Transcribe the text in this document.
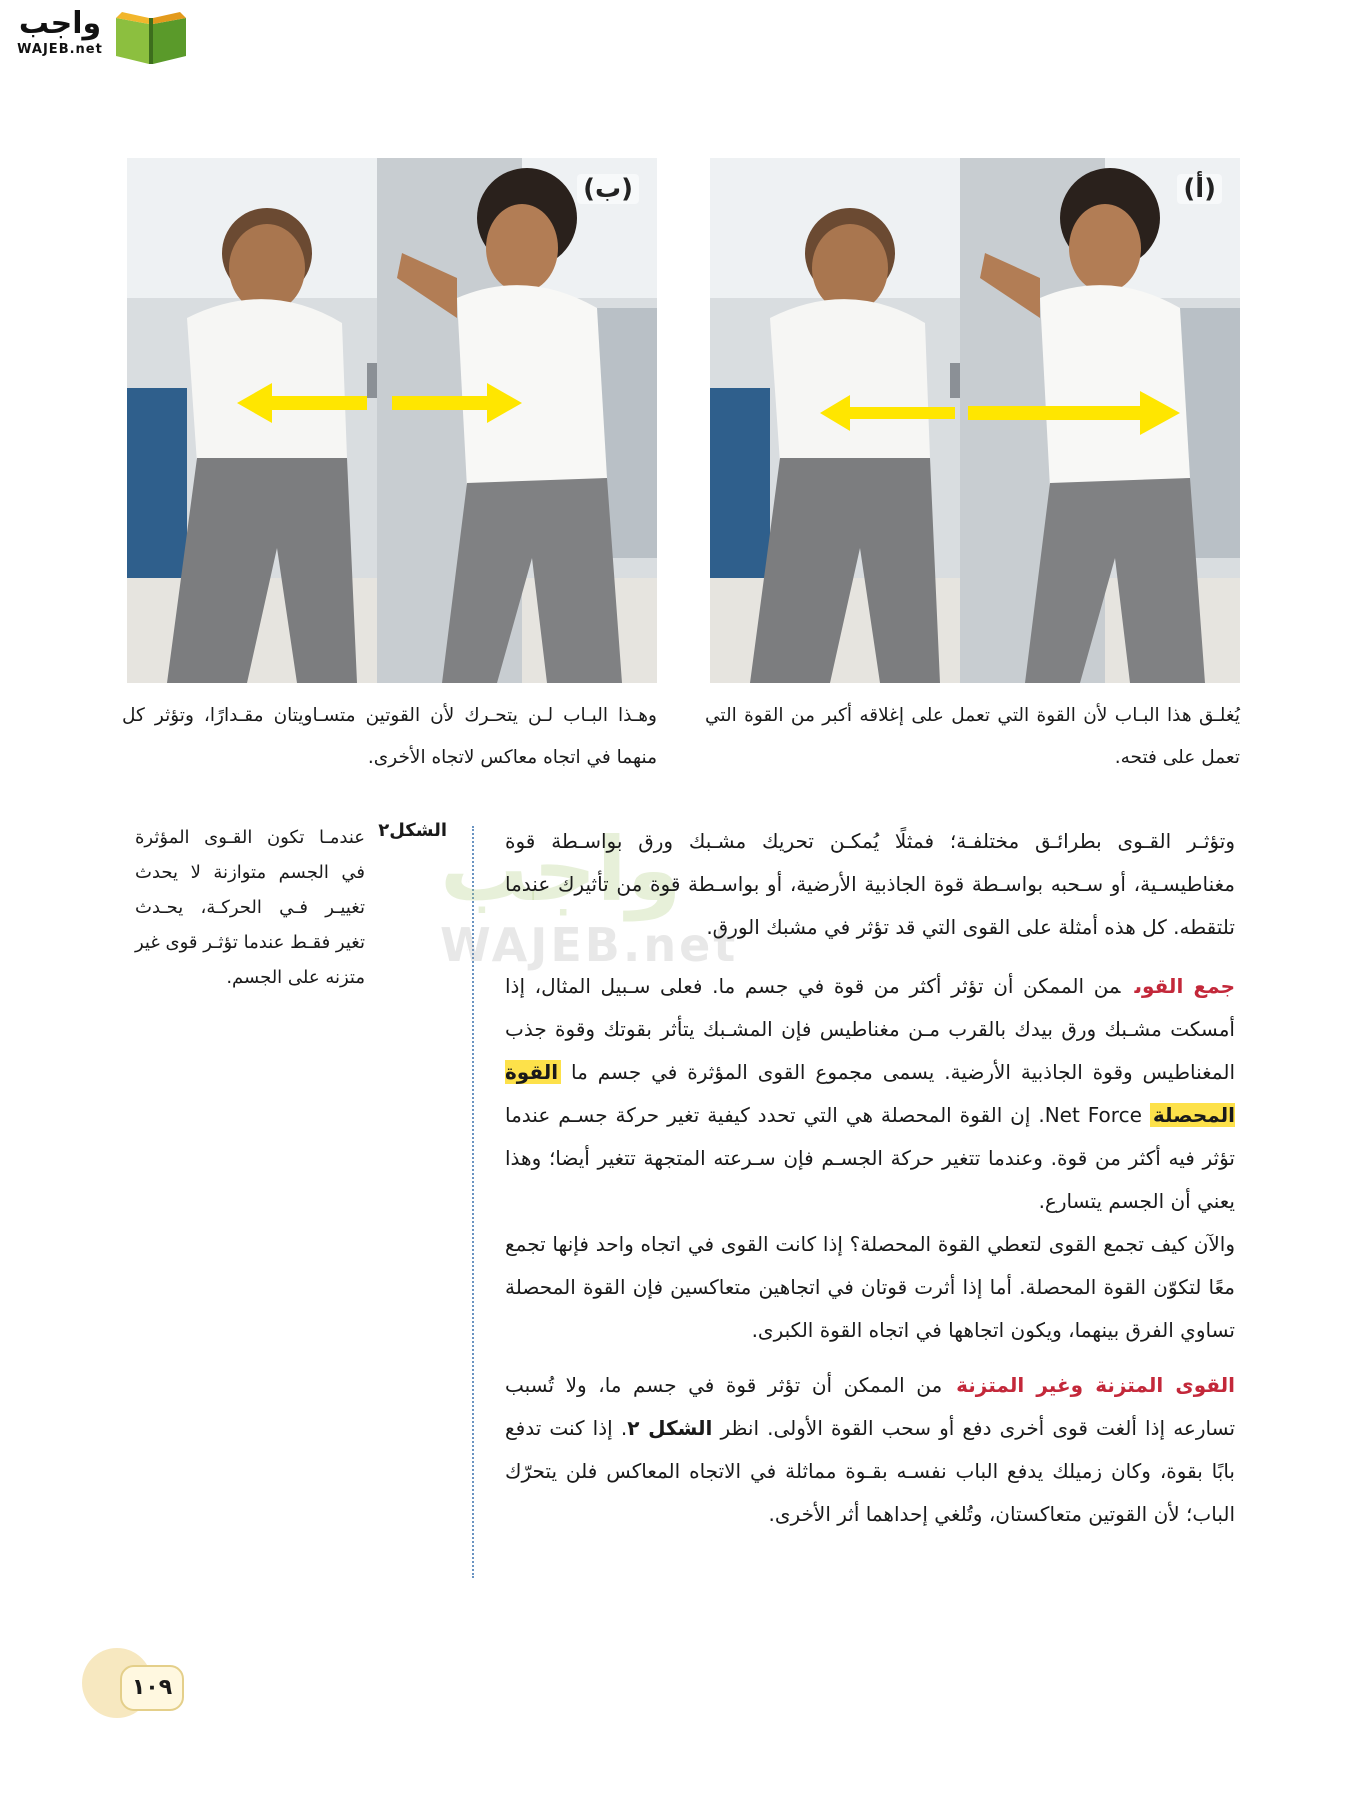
واجب
WAJEB.net
(أ)
(ب)

يُغلـق هذا البـاب لأن القوة التي تعمل على إغلاقه أكبر من القوة التي تعمل على فتحه.

وهـذا البـاب لـن يتحـرك لأن القوتين متسـاويتان مقـدارًا، وتؤثر كل منهما في اتجاه معاكس لاتجاه الأخرى.

الشكل٢

عندمـا تكون القـوى المؤثرة في الجسم متوازنة لا يحدث تغييـر فـي الحركـة، يحـدث تغير فقـط عندما تؤثـر قوى غير متزنه على الجسم.

واجب
WAJEB.net

وتؤثـر القـوى بطرائـق مختلفـة؛ فمثلًا يُمكـن تحريك مشـبك ورق بواسـطة قوة مغناطيسـية، أو سـحبه بواسـطة قوة الجاذبية الأرضية، أو بواسـطة قوة من تأثيرك عندما تلتقطه. كل هذه أمثلة على القوى التي قد تؤثر في مشبك الورق.

جمع القوىمن الممكن أن تؤثر أكثر من قوة في جسم ما. فعلى سـبيل المثال، إذا أمسكت مشـبك ورق بيدك بالقرب مـن مغناطيس فإن المشـبك يتأثر بقوتك وقوة جذب المغناطيس وقوة الجاذبية الأرضية. يسمى مجموع القوى المؤثرة في جسم ما القوة المحصلة Net Force. إن القوة المحصلة هي التي تحدد كيفية تغير حركة جسـم عندما تؤثر فيه أكثر من قوة. وعندما تتغير حركة الجسـم فإن سـرعته المتجهة تتغير أيضا؛ وهذا يعني أن الجسم يتسارع.

والآن كيف تجمع القوى لتعطي القوة المحصلة؟ إذا كانت القوى في اتجاه واحد فإنها تجمع معًا لتكوّن القوة المحصلة. أما إذا أثرت قوتان في اتجاهين متعاكسين فإن القوة المحصلة تساوي الفرق بينهما، ويكون اتجاهها في اتجاه القوة الكبرى.

القوى المتزنة وغير المتزنةمن الممكن أن تؤثر قوة في جسم ما، ولا تُسبب تسارعه إذا ألغت قوى أخرى دفع أو سحب القوة الأولى. انظر الشكل ٢. إذا كنت تدفع بابًا بقوة، وكان زميلك يدفع الباب نفسـه بقـوة مماثلة في الاتجاه المعاكس فلن يتحرّك الباب؛ لأن القوتين متعاكستان، وتُلغي إحداهما أثر الأخرى.

١٠٩
